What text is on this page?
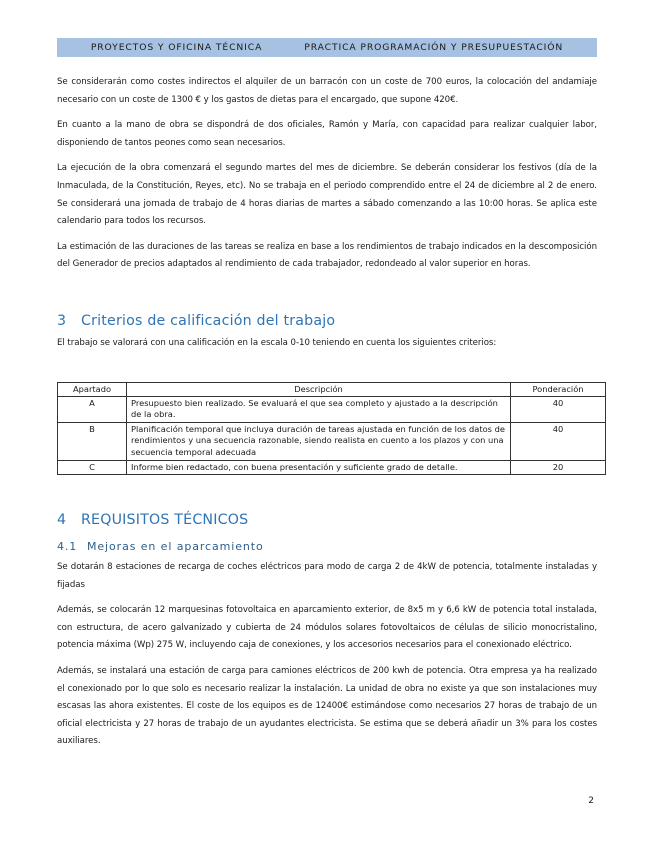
PROYECTOS Y OFICINA TÉCNICA	PRACTICA PROGRAMACIÓN Y PRESUPUESTACIÓN

Se considerarán como costes indirectos el alquiler de un barracón con un coste de 700 euros, la colocación del andamiaje necesario con un coste de 1300 € y los gastos de dietas para el encargado, que supone 420€.

En cuanto a la mano de obra se dispondrá de dos oficiales, Ramón y María, con capacidad para realizar cualquier labor, disponiendo de tantos peones como sean necesarios.

La ejecución de la obra comenzará el segundo martes del mes de diciembre. Se deberán considerar los festivos (día de la Inmaculada, de la Constitución, Reyes, etc). No se trabaja en el periodo comprendido entre el 24 de diciembre al 2 de enero. Se considerará una jornada de trabajo de 4 horas diarias de martes a sábado comenzando a las 10:00 horas. Se aplica este calendario para todos los recursos.

La estimación de las duraciones de las tareas se realiza en base a los rendimientos de trabajo indicados en la descomposición del Generador de precios adaptados al rendimiento de cada trabajador, redondeado al valor superior en horas.

3	Criterios de calificación del trabajo

El trabajo se valorará con una calificación en la escala 0-10 teniendo en cuenta los siguientes criterios:

Apartado	Descripción	Ponderación
A	Presupuesto bien realizado. Se evaluará el que sea completo y ajustado a la descripción de la obra.	40
B	Planificación temporal que incluya duración de tareas ajustada en función de los datos de rendimientos y una secuencia razonable, siendo realista en cuento a los plazos y con una secuencia temporal adecuada	40
C	Informe bien redactado, con buena presentación y suficiente grado de detalle.	20
4	REQUISITOS TÉCNICOS
4.1 Mejoras en el aparcamiento

Se dotarán 8 estaciones de recarga de coches eléctricos para modo de carga 2 de 4kW de potencia, totalmente instaladas y fijadas

Además, se colocarán 12 marquesinas fotovoltaica en aparcamiento exterior, de 8x5 m y 6,6 kW de potencia total instalada, con estructura, de acero galvanizado y cubierta de 24 módulos solares fotovoltaicos de células de silicio monocristalino, potencia máxima (Wp) 275 W, incluyendo caja de conexiones, y los accesorios necesarios para el conexionado eléctrico.

Además, se instalará una estación de carga para camiones eléctricos de 200 kwh de potencia. Otra empresa ya ha realizado el conexionado por lo que solo es necesario realizar la instalación. La unidad de obra no existe ya que son instalaciones muy escasas las ahora existentes. El coste de los equipos es de 12400€ estimándose como necesarios 27 horas de trabajo de un oficial electricista y 27 horas de trabajo de un ayudantes electricista. Se estima que se deberá añadir un 3% para los costes auxiliares.

2
